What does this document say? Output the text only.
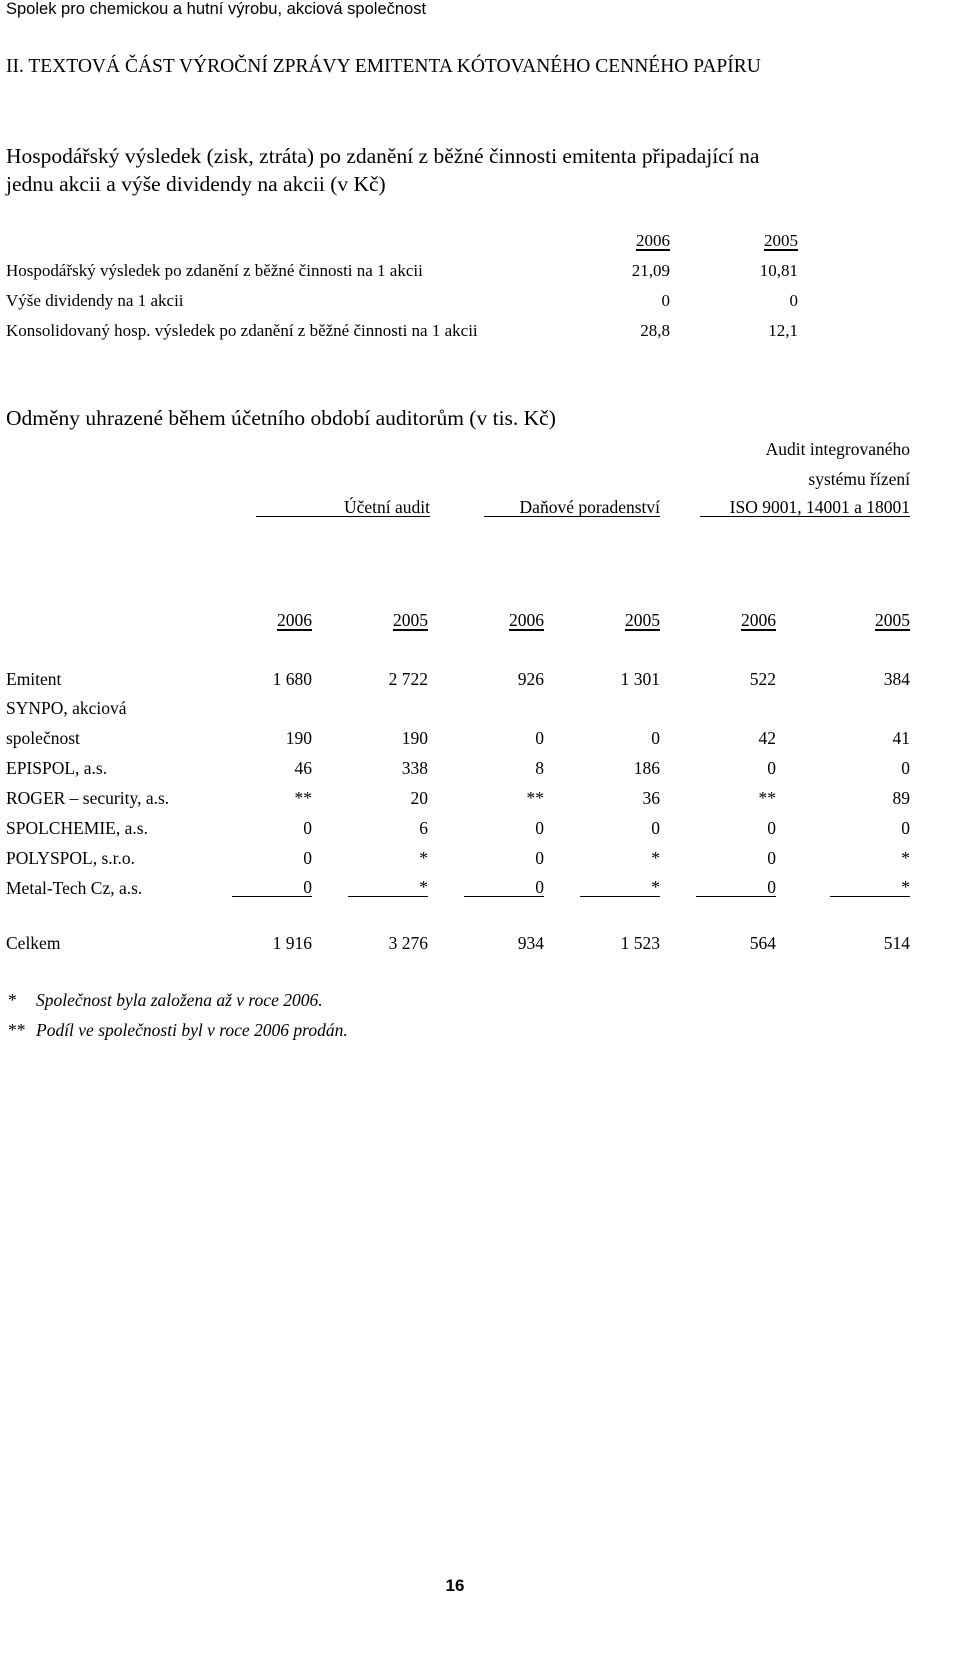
Spolek pro chemickou a hutní výrobu, akciová společnost
II. TEXTOVÁ ČÁST VÝROČNÍ ZPRÁVY EMITENTA KÓTOVANÉHO CENNÉHO PAPÍRU
Hospodářský výsledek (zisk, ztráta) po zdanění z běžné činnosti emitenta připadající na
jednu akcii a výše dividendy na akcii (v Kč)
2006	2005
Hospodářský výsledek po zdanění z běžné činnosti na 1 akcii	21,09	10,81
Výše dividendy na 1 akcii	0	0
Konsolidovaný hosp. výsledek po zdanění z běžné činnosti na 1 akcii	28,8	12,1
Odměny uhrazené během účetního období auditorům (v tis. Kč)
Audit integrovaného
systému řízení
Účetní audit	Daňové poradenství	ISO 9001, 14001 a 18001
2006	2005	2006	2005	2006	2005
Emitent	1 680	2 722	926	1 301	522	384
SYNPO, akciová
společnost	190	190	0	0	42	41
EPISPOL, a.s.	46	338	8	186	0	0
ROGER – security, a.s.	**	20	**	36	**	89
SPOLCHEMIE, a.s.	0	6	0	0	0	0
POLYSPOL, s.r.o.	0	*	0	*	0	*
Metal-Tech Cz, a.s.	0	*	0	*	0	*
Celkem	1 916	3 276	934	1 523	564	514
* Společnost byla založena až v roce 2006.
** Podíl ve společnosti byl v roce 2006 prodán.
16
